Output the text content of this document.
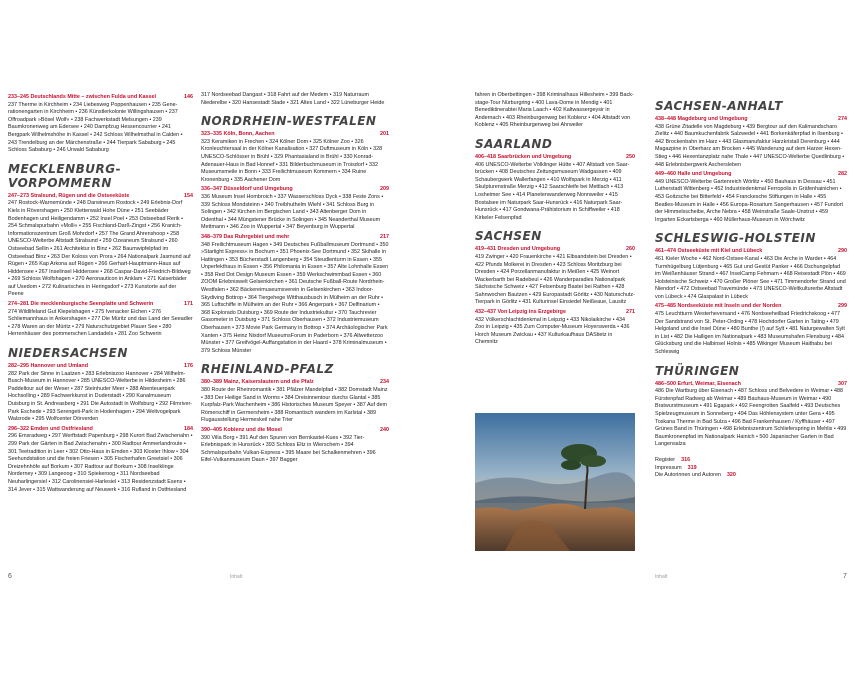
233–245 Deutschlands Mitte – zwischen Fulda und Kassel	146
237 Therme in Kirchheim • 234 Liebesweg Poppenhausen • 235 Generationengarten in Kirchheim • 236 Künstlerkolonie Willingshausen • 237 Offroadpark »Bösel Wolf« • 238 Fachwerkstadt Melsungen • 239 Baumkronenweg am Edersee • 240 Dampfzug Hessencourrier • 241 Bergpark Wilhelmshöhe in Kassel • 242 Schloss Wilhelmsthal in Calden • 243 Trendelburg an der Märchenstraße • 244 Tierpark Sababurg • 245 Schloss Sababurg • 246 Urwald Sababurg
MECKLENBURG-VORPOMMERN
247–273 Stralsund, Rügen und die Ostseeküste	154
247 Rostock-Warnemünde • 248 Darwineum Rostock • 249 Erlebnis-Dorf Kiels in Rövershagen • 250 Kletterwald Hohe Düne • 251 Seebäder Bodenhagen und Heiligendamm • 252 Insel Poel • 253 Ostseebad Rerik • 254 Schmalspurbahn »Molli« • 255 Fischland-Darß-Zingst • 256 Kranich-Informationszentrum Groß Mohrdorf • 257 The Grand Ahrenshoop • 258 UNESCO-Welterbe Altstadt Stralsund • 259 Ozeaneum Stralsund • 260 Ostseebad Sellin • 261 Architektur in Binz • 262 Baumwipfelpfad im Ostseebad Binz • 263 Der Koloss von Prora • 264 Nationalpark Jasmund auf Rügen • 265 Kap Arkona auf Rügen • 266 Gerhart-Hauptmann-Haus auf Hiddensee • 267 Inselinsel Hiddensee • 268 Caspar-David-Friedrich-Bildweg • 269 Schloss Wolfshagen • 270 Aeronauticon in Anklam • 271 Kaiserbäder auf Usedom • 272 Kulinarisches in Heringsdorf • 273 Kunstorte auf der Peene
274–281 Die mecklenburgische Seenplatte und Schwerin	171
274 Wildlifeland Gut Klepelshagen • 275 Ivenacker Eichen • 276 Schliemannhaus in Ankershagen • 277 Die Müritz und das Land der Seeadler • 278 Waren an der Müritz • 279 Naturschutzgebiet Plauer See • 280 Herrenhäuser des pommerschen Landadels • 281 Zoo Schwerin
NIEDERSACHSEN
282–295 Hannover und Umland	176
282 Park der Sinne in Laatzen • 283 Erlebniszoo Hannover • 284 Wilhelm-Busch-Museum in Hannover • 285 UNESCO-Welterbe in Hildesheim • 286 Paddeltour auf der Weser • 287 Steinhuder Meer • 288 Abenteuerpark Hochsolling • 289 Fachwerkkunst in Duderstadt • 290 Kanalmuseum Duisburg in St. Andreasberg • 291 Die Autostadt in Wolfsburg • 292 Filmriver-Park Eschede • 293 Serengeti-Park in Hodenhagen • 294 Weltvogelpark Walsrode • 295 Wolfcenter Dörverden
296–322 Emden und Ostfriesland	184
296 Emsradweg • 297 Werftstadt Papenburg • 298 Kurort Bad Zwischenahn • 299 Park der Gärten in Bad Zwischenahn • 300 Radtour Ammerlandroute • 301 Teetradition in Leer • 302 Otto-Haus in Emden • 303 Kloster Ihlow • 304 Seehundstation und die freien Friesen • 305 Fischerhafen Greetsiel • 306 Dreizehnhöfe auf Borkum • 307 Radtour auf Borkum • 308 Inselklinge Norderney • 309 Langeoog • 310 Spiekeroog • 311 Nordseebad Neuharlingersiel • 312 Carolinensiel-Harlesiel • 313 Residenzstadt Esens • 314 Jever • 315 Wattwanderung auf Neuwerk • 316 Rufland in Ostfriesland
317 Nordseebad Dangast • 318 Fahrt auf der Medem • 319 Naturraum Niederelbe • 320 Hansestadt Stade • 321 Altes Land • 322 Lüneburger Heide
NORDRHEIN-WESTFALEN
323–335 Köln, Bonn, Aachen	201
323 Keramiken in Frechen • 324 Kölner Dom • 325 Kölner Zoo • 326 Kronleuchtersaal in der Kölner Kanalisation • 327 Duftmuseum in Köln • 328 UNESCO-Schlösser in Brühl • 329 Phantasialand in Brühl • 330 Konrad-Adenauer-Haus in Bad Honnef • 331 Bilderbuchmuseum in Troisdorf • 332 Museumsmeile in Bonn • 333 Freilichtmuseum Kommern • 334 Ruine Kronenburg • 335 Aachener Dom
336–347 Düsseldorf und Umgebung	209
336 Museum Insel Hombroich • 337 Wasserschloss Dyck • 338 Feste Zons • 339 Schloss Mondsteinn • 340 Treibhuthelm Wiehl • 341 Schloss Burg in Solingen • 342 Kirchen im Bergischen Land • 343 Altenberger Dom in Odenthal • 344 Müngstener Brücke in Solingen • 345 Neanderthal Museum Mettmann • 346 Zoo in Wuppertal • 347 Beyenburg in Wuppertal
348–379 Das Ruhrgebiet und mehr	217
348 Freilichtmuseum Hagen • 349 Deutsches Fußballmuseum Dortmund • 350 »Starlight Express« in Bochum • 351 Phoenix-See Dortmund • 352 Skihalle in Hattingen • 353 Bücherstadt Langenberg • 354 Steudlenturm in Essen • 355 Unperfekthaus in Essen • 356 Philomania in Essen • 357 Alte Lohnhalle Essen • 358 Red Dot Design Museum Essen • 359 Werkschwimmbad Essen • 360 ZOOM Erlebniswelt Gelsenkirchen • 361 Deutsche Fußball-Route Nordrhein-Westfalen • 362 Bäckereimuseumsverein in Gelsenkirchen • 363 Indoor-Skydiving Bottrop • 364 Tiergehege Witthausbusch in Mülheim an der Ruhr • 365 Luftschiffe in Mülheim an der Ruhr • 366 Angerpark • 367 Delfinarium • 368 Explorado Duisburg • 369 Route der Industriekultur • 370 Tauchrevier Gasometer in Duisburg • 371 Schloss Oberhausen • 372 Industriemuseum Oberhausen • 373 Movie Park Germany in Bottrop • 374 Archäologischer Park Xanten • 375 Heinz Nixdorf MuseumsForum in Paderborn • 376 Allwetterzoo Münster • 377 Greifvögel-Auffangstation in der Haard • 378 Kriminalmuseum • 379 Schloss Münster
RHEINLAND-PFALZ
380–389 Mainz, Kaiserslautern und die Pfalz	234
380 Route der Rheinromantik • 381 Pfälzer Mandelpfad • 382 Domstadt Mainz • 383 Der Heilige Sand in Worms • 384 Dreisinnentour durchs Glantal • 385 Kurpfalz-Park Wachenheim • 386 Historisches Museum Speyer • 387 Auf dem Römerschiff in Germersheim • 388 Romantisch wandern im Karlstal • 389 Flugausstellung Hermeskeil nahe Trier
390–405 Koblenz und die Mosel	240
390 Villa Borg • 391 Auf den Spuren von Bernkastel-Kues • 392 Tier-Erlebnispark in Hunsrück • 393 Schloss Eltz in Wierschem • 394 Schmalspurbahn Vulkan-Express • 395 Maare bei Schalkenmehren • 396 Eifel-Vulkanmuseum Daun • 397 Bagger
6	Inhalt
fahren in Oberbettingen • 398 Kriminalhaus Hillesheim • 399 Backstage-Tour Nürburgring • 400 Lava-Dome in Mendig • 401 Benediktinerabtei Maria Laach • 402 Kaltwassergeysir in Andernach • 403 Rheinburgenweg bei Koblenz • 404 Altstadt von Koblenz • 405 Rheinburgenweg bei Ahrweiler
SAARLAND
406–418 Saarbrücken und Umgebung	250
406 UNESCO-Welterbe Völklinger Hütte • 407 Altstadt von Saarbrücken • 408 Deutsches Zeitungsmuseum Wadgassen • 409 Schaubergwerk Wallerfangen • 410 Wolfspark in Merzig • 411 Skulpturenstraße Merzig • 412 Saarschleife bei Mettlach • 413 Losheimer See • 414 Planetenwanderweg Nonnweiler • 415 Bostalsee im Naturpark Saar-Hunsrück • 416 Naturpark Saar-Hunsrück • 417 Gondwana-Prähistorium in Schiffweiler • 418 Kirkeler Felsenpfad
SACHSEN
419–431 Dresden und Umgebung	260
419 Zwinger • 420 Frauenkirche • 421 Elbsandstein bei Dresden • 422 Pfunds Molkerei in Dresden • 423 Schloss Moritzburg bei Dresden • 424 Porzellanmanufaktur in Meißen • 425 Weinort Wackerbarth bei Radebeul • 426 Wanderparadies Nationalpark Sächsische Schweiz • 427 Felsenburg Bastei bei Rathen • 428 Sahnwochen Bautzen • 429 Europastadt Görlitz • 430 Naturschutz-Tierpark in Görlitz • 431 Kulturinsel Einsiedel Neißeaue, Lausitz
432–437 Von Leipzig ins Erzgebirge	271
432 Völkerschlachtdenkmal in Leipzig • 433 Nikolaikirche • 434 Zoo in Leipzig • 435 Zum Computer-Museum Hoyerswerda • 436 Horch Museum Zwickau • 437 Kulturkaufhaus DAStietz in Chemnitz
SACHSEN-ANHALT
438–448 Magdeburg und Umgebung	274
438 Grüne Zitadelle von Magdeburg • 439 Bergtour auf den Kalimandscharo Zielitz • 440 Baumkuchenfabrik Salzwedel • 441 Borkenkäferpfad in Ilsenburg • 442 Brockenbahn im Harz • 443 Glasmanufaktur Harzkristall Derenburg • 444 Magazpine in Oberharz am Brocken • 445 Wanderung auf dem Harzer Hexen-Stieg • 446 Hexentanzplatz nahe Thale • 447 UNESCO-Welterbe Quedlinburg • 448 Erlebnisbergwerk Aschersleben
449–460 Halle und Umgebung	282
449 UNESCO-Welterbe Gartenreich Wörlitz • 450 Bauhaus in Dessau • 451 Lutherstadt Wittenberg • 452 Industriedenkmal Ferropolis in Gräfenhainichen • 453 Goitzsche bei Bitterfeld • 454 Franckesche Stiftungen in Halle • 455 Beatles-Museum in Halle • 456 Europa-Rosarium Sangerhausen • 457 Fundort der Himmelsscheibe, Arche Nebra • 458 Weinstraße Saale-Unstrut • 459 Irrgarten Eckartsberga • 460 Müllerhaus-Museum in Wörchwitz
SCHLESWIG-HOLSTEIN
461–474 Ostseeküste mit Kiel und Lübeck	290
461 Kieler Woche • 462 Nord-Ostsee-Kanal • 463 Die Arche in Warder • 464 Turmhügelburg Lütjenburg • 465 Gut und Gestüt Panker • 466 Dschungelpfad im Weißenhäuser Strand • 467 InselCamp Fehmarn • 468 Reisestadt Plön • 469 Holsteinische Schweiz • 470 Großer Plöner See • 471 Timmendorfer Strand und Niendorf • 472 Ostseebad Travemünde • 473 UNESCO-Weltkulturerbe Altstadt von Lübeck • 474 Glaspalast in Lübeck
475–485 Nordseeküste mit Inseln und der Norden	299
475 Leuchtturm Westerheversand • 476 Nordseeheilbad Friedrichskoog • 477 Der Sandstrand von St. Peter-Ording • 478 Hochdorfer Garten in Tating • 479 Helgoland und die Insel Düne • 480 Bunthe (!) auf Sylt • 481 Naturgewalten Sylt in List • 482 Die Halligen im Nationalpark • 483 Museumshafen Flensburg • 484 Glücksburg und die Halbinsel Holnis • 485 Wikinger Museum Haithabu bei Schleswig
THÜRINGEN
486–500 Erfurt, Weimar, Eisenach	307
486 Die Wartburg über Eisenach • 487 Schloss und Belvedere in Weimar • 488 Fürstenpfad Radweg ab Weimar • 489 Bauhaus-Museum in Weimar • 490 Bratwurstmuseum • 491 Egapark • 492 Feengrotten Saalfeld • 493 Deutsches Spielzeugmuseum in Sonneberg • 494 Das Höhlensystem unter Gera • 495 Toskana Therme in Bad Sulza • 496 Bad Frankenhausen / Kyffhäuser • 497 Grünes Band in Thüringen • 498 Erlebniszentrum Schlieferspring in Mehlis • 499 Baumkronenpfad im Nationalpark Hainich • 500 Japanischer Garten in Bad Langensalza
Register 316
Impressum 319
Die Autorinnen und Autoren 320
7
Inhalt
